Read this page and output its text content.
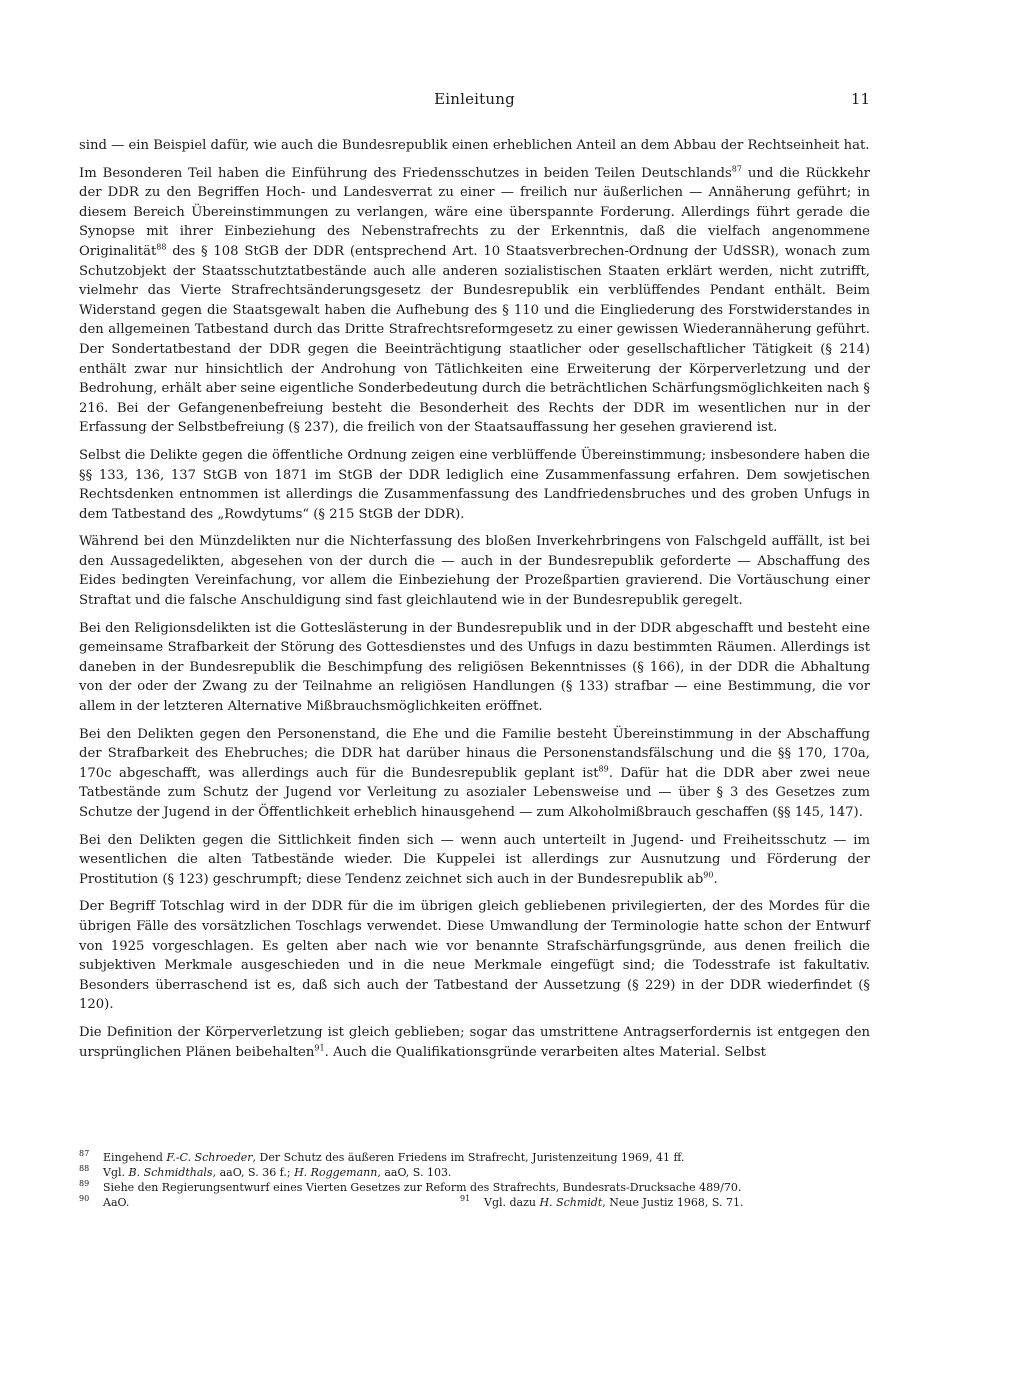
Einleitung	11

sind — ein Beispiel dafür, wie auch die Bundesrepublik einen erheblichen Anteil an dem Abbau der Rechtseinheit hat.

Im Besonderen Teil haben die Einführung des Friedensschutzes in beiden Teilen Deutschlands$^{87}$ und die Rückkehr der DDR zu den Begriffen Hoch- und Landesverrat zu einer — freilich nur äußerlichen — Annäherung geführt; in diesem Bereich Übereinstimmungen zu verlangen, wäre eine überspannte Forderung. Allerdings führt gerade die Synopse mit ihrer Einbeziehung des Nebenstrafrechts zu der Erkenntnis, daß die vielfach angenommene Originalität$^{88}$ des § 108 StGB der DDR (entsprechend Art. 10 Staatsverbrechen-Ordnung der UdSSR), wonach zum Schutzobjekt der Staatsschutztatbestände auch alle anderen sozialistischen Staaten erklärt werden, nicht zutrifft, vielmehr das Vierte Strafrechtsänderungsgesetz der Bundesrepublik ein verblüffendes Pendant enthält. Beim Widerstand gegen die Staatsgewalt haben die Aufhebung des § 110 und die Eingliederung des Forstwiderstandes in den allgemeinen Tatbestand durch das Dritte Strafrechtsreformgesetz zu einer gewissen Wiederannäherung geführt. Der Sondertatbestand der DDR gegen die Beeinträchtigung staatlicher oder gesellschaftlicher Tätigkeit (§ 214) enthält zwar nur hinsichtlich der Androhung von Tätlichkeiten eine Erweiterung der Körperverletzung und der Bedrohung, erhält aber seine eigentliche Sonderbedeutung durch die beträchtlichen Schärfungsmöglichkeiten nach § 216. Bei der Gefangenenbefreiung besteht die Besonderheit des Rechts der DDR im wesentlichen nur in der Erfassung der Selbstbefreiung (§ 237), die freilich von der Staatsauffassung her gesehen gravierend ist.

Selbst die Delikte gegen die öffentliche Ordnung zeigen eine verblüffende Übereinstimmung; insbesondere haben die §§ 133, 136, 137 StGB von 1871 im StGB der DDR lediglich eine Zusammenfassung erfahren. Dem sowjetischen Rechtsdenken entnommen ist allerdings die Zusammenfassung des Landfriedensbruches und des groben Unfugs in dem Tatbestand des „Rowdytums“ (§ 215 StGB der DDR).

Während bei den Münzdelikten nur die Nichterfassung des bloßen Inverkehrbringens von Falschgeld auffällt, ist bei den Aussagedelikten, abgesehen von der durch die — auch in der Bundesrepublik geforderte — Abschaffung des Eides bedingten Vereinfachung, vor allem die Einbeziehung der Prozeßpartien gravierend. Die Vortäuschung einer Straftat und die falsche Anschuldigung sind fast gleichlautend wie in der Bundesrepublik geregelt.

Bei den Religionsdelikten ist die Gotteslästerung in der Bundesrepublik und in der DDR abgeschafft und besteht eine gemeinsame Strafbarkeit der Störung des Gottesdienstes und des Unfugs in dazu bestimmten Räumen. Allerdings ist daneben in der Bundesrepublik die Beschimpfung des religiösen Bekenntnisses (§ 166), in der DDR die Abhaltung von der oder der Zwang zu der Teilnahme an religiösen Handlungen (§ 133) strafbar — eine Bestimmung, die vor allem in der letzteren Alternative Mißbrauchsmöglichkeiten eröffnet.

Bei den Delikten gegen den Personenstand, die Ehe und die Familie besteht Übereinstimmung in der Abschaffung der Strafbarkeit des Ehebruches; die DDR hat darüber hinaus die Personenstandsfälschung und die §§ 170, 170a, 170c abgeschafft, was allerdings auch für die Bundesrepublik geplant ist$^{89}$. Dafür hat die DDR aber zwei neue Tatbestände zum Schutz der Jugend vor Verleitung zu asozialer Lebensweise und — über § 3 des Gesetzes zum Schutze der Jugend in der Öffentlichkeit erheblich hinausgehend — zum Alkoholmißbrauch geschaffen (§§ 145, 147).

Bei den Delikten gegen die Sittlichkeit finden sich — wenn auch unterteilt in Jugend- und Freiheitsschutz — im wesentlichen die alten Tatbestände wieder. Die Kuppelei ist allerdings zur Ausnutzung und Förderung der Prostitution (§ 123) geschrumpft; diese Tendenz zeichnet sich auch in der Bundesrepublik $ab^{90}$.

Der Begriff Totschlag wird in der DDR für die im übrigen gleich gebliebenen privilegierten, der des Mordes für die übrigen Fälle des vorsätzlichen Toschlags verwendet. Diese Umwandlung der Terminologie hatte schon der Entwurf von 1925 vorgeschlagen. Es gelten aber nach wie vor benannte Strafschärfungsgründe, aus denen freilich die subjektiven Merkmale ausgeschieden und in die neue Merkmale eingefügt sind; die Todesstrafe ist fakultativ. Besonders überraschend ist es, daß sich auch der Tatbestand der Aussetzung (§ 229) in der DDR wiederfindet (§ 120).

Die Definition der Körperverletzung ist gleich geblieben; sogar das umstrittene Antragserfordernis ist entgegen den ursprünglichen Plänen beibehalten$^{91}$. Auch die Qualifikationsgründe verarbeiten altes Material. Selbst

87 Eingehend F.-C. Schroeder, Der Schutz des äußeren Friedens im Strafrecht, Juristenzeitung 1969, 41 ff.

88 Vgl. B. Schmidthals, aaO, S. 36 f.; H. Roggemann, aaO, S. 103.

89 Siehe den Regierungsentwurf eines Vierten Gesetzes zur Reform des Strafrechts, Bundesrats-Drucksache 489/70.

90 AaO.	91 Vgl. dazu H. Schmidt, Neue Justiz 1968, S. 71.
